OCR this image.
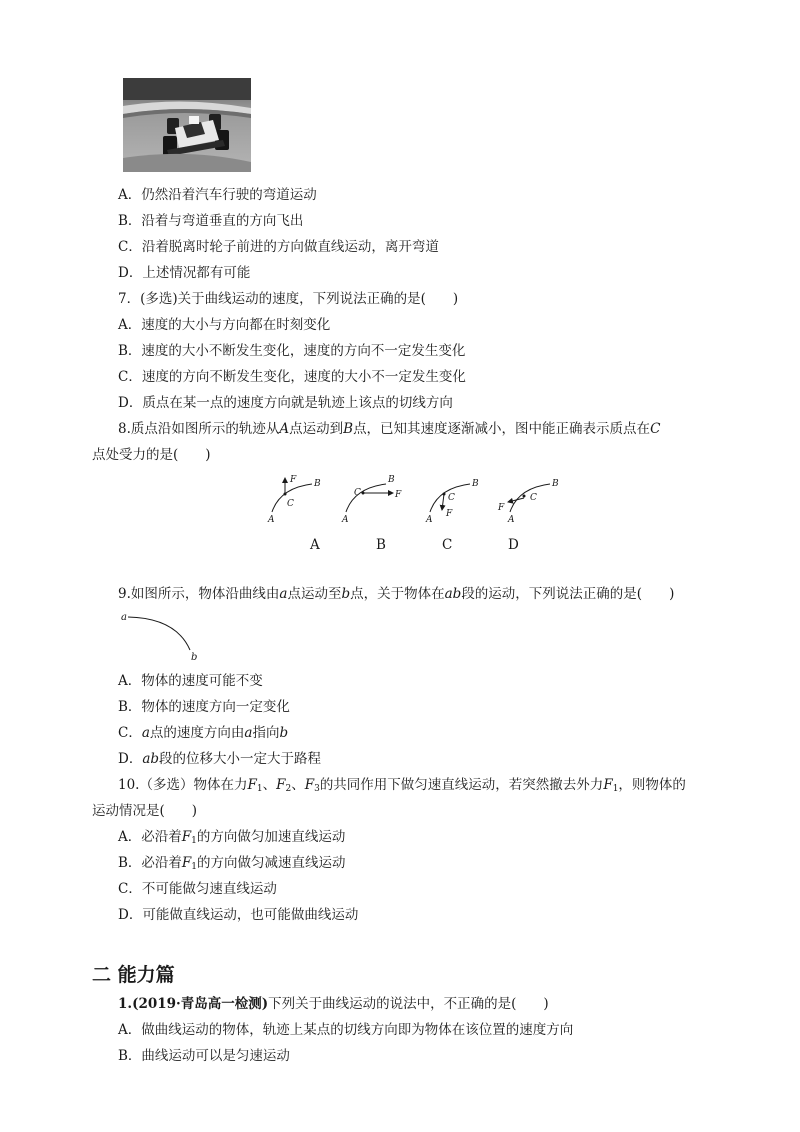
A．仍然沿着汽车行驶的弯道运动
B．沿着与弯道垂直的方向飞出
C．沿着脱离时轮子前进的方向做直线运动，离开弯道
D．上述情况都有可能
7．(多选)关于曲线运动的速度，下列说法正确的是(　　)
A．速度的大小与方向都在时刻变化
B．速度的大小不断发生变化，速度的方向不一定发生变化
C．速度的方向不断发生变化，速度的大小不一定发生变化
D．质点在某一点的速度方向就是轨迹上该点的切线方向
8.质点沿如图所示的轨迹从A点运动到B点，已知其速度逐渐减小，图中能正确表示质点在C
点处受力的是(　　)
F B
C
A
C
B
F
A
C
B
F
A
C
B
F
A
A	B	C	D
9.如图所示，物体沿曲线由a点运动至b点，关于物体在ab段的运动，下列说法正确的是(　　)
a
b
A．物体的速度可能不变
B．物体的速度方向一定变化
C．a点的速度方向由a指向b
D．ab段的位移大小一定大于路程
10.（多选）物体在力$F_1$、$F_2$、$F_3$的共同作用下做匀速直线运动，若突然撤去外力$F_1$，则物体的
运动情况是(　　)
A．必沿着$F_1$的方向做匀加速直线运动
B．必沿着$F_1$的方向做匀减速直线运动
C．不可能做匀速直线运动
D．可能做直线运动，也可能做曲线运动
二 能力篇
1.(2019·青岛高一检测)下列关于曲线运动的说法中，不正确的是(　　)
A．做曲线运动的物体，轨迹上某点的切线方向即为物体在该位置的速度方向
B．曲线运动可以是匀速运动
